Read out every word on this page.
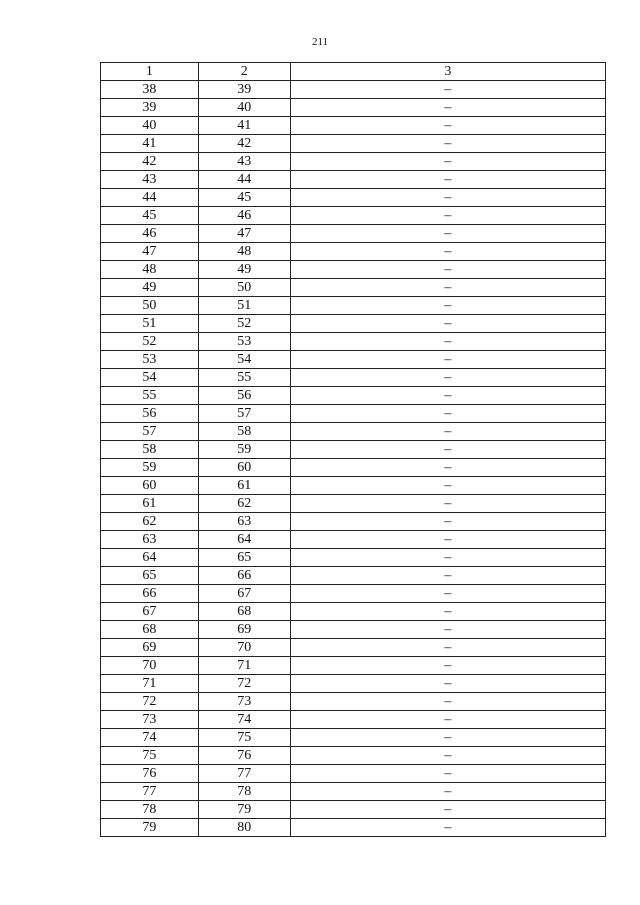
211
1	2	3
38	39	–
39	40	–
40	41	–
41	42	–
42	43	–
43	44	–
44	45	–
45	46	–
46	47	–
47	48	–
48	49	–
49	50	–
50	51	–
51	52	–
52	53	–
53	54	–
54	55	–
55	56	–
56	57	–
57	58	–
58	59	–
59	60	–
60	61	–
61	62	–
62	63	–
63	64	–
64	65	–
65	66	–
66	67	–
67	68	–
68	69	–
69	70	–
70	71	–
71	72	–
72	73	–
73	74	–
74	75	–
75	76	–
76	77	–
77	78	–
78	79	–
79	80	–
